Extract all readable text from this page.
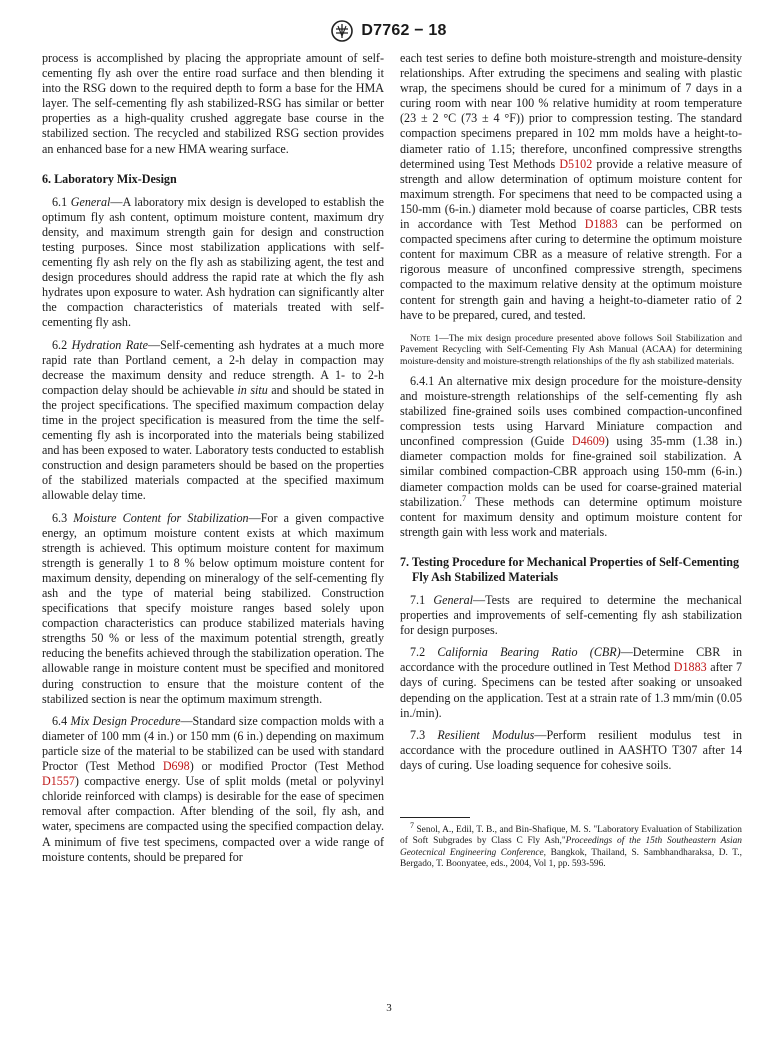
D7762 − 18

process is accomplished by placing the appropriate amount of self-cementing fly ash over the entire road surface and then blending it into the RSG down to the required depth to form a base for the HMA layer. The self-cementing fly ash stabilized-RSG has similar or better properties as a high-quality crushed aggregate base course in the stabilized section. The recycled and stabilized RSG section provides an enhanced base for a new HMA wearing surface.

6. Laboratory Mix-Design

6.1 General—A laboratory mix design is developed to establish the optimum fly ash content, optimum moisture content, maximum dry density, and maximum strength gain for design and construction testing purposes. Since most stabilization applications with self-cementing fly ash rely on the fly ash as stabilizing agent, the test and design procedures should address the rapid rate at which the fly ash hydrates upon exposure to water. Ash hydration can significantly alter the compaction characteristics of materials treated with self-cementing fly ash.

6.2 Hydration Rate—Self-cementing ash hydrates at a much more rapid rate than Portland cement, a 2-h delay in compaction may decrease the maximum density and reduce strength. A 1- to 2-h compaction delay should be achievable in situ and should be stated in the project specifications. The specified maximum compaction delay time in the project specification is measured from the time the self-cementing fly ash is incorporated into the materials being stabilized and has been exposed to water. Laboratory tests conducted to establish construction and design parameters should be based on the properties of the stabilized materials compacted at the specified maximum allowable delay time.

6.3 Moisture Content for Stabilization—For a given compactive energy, an optimum moisture content exists at which maximum strength is achieved. This optimum moisture content for maximum strength is generally 1 to 8 % below optimum moisture content for maximum density, depending on mineralogy of the self-cementing fly ash and the type of material being stabilized. Construction specifications that specify moisture ranges based solely upon compaction characteristics can produce stabilized materials having strengths 50 % or less of the maximum potential strength, greatly reducing the benefits achieved through the stabilization operation. The allowable range in moisture content must be specified and monitored during construction to ensure that the moisture content of the stabilized section is near the optimum maximum strength.

6.4 Mix Design Procedure—Standard size compaction molds with a diameter of 100 mm (4 in.) or 150 mm (6 in.) depending on maximum particle size of the material to be stabilized can be used with standard Proctor (Test Method D698) or modified Proctor (Test Method D1557) compactive energy. Use of split molds (metal or polyvinyl chloride reinforced with clamps) is desirable for the ease of specimen removal after compaction. After blending of the soil, fly ash, and water, specimens are compacted using the specified compaction delay. A minimum of five test specimens, compacted over a wide range of moisture contents, should be prepared for

each test series to define both moisture-strength and moisture-density relationships. After extruding the specimens and sealing with plastic wrap, the specimens should be cured for a minimum of 7 days in a curing room with near 100 % relative humidity at room temperature (23 ± 2 °C (73 ± 4 °F)) prior to compression testing. The standard compaction specimens prepared in 102 mm molds have a height-to-diameter ratio of 1.15; therefore, unconfined compressive strengths determined using Test Methods D5102 provide a relative measure of strength and allow determination of optimum moisture content for maximum strength. For specimens that need to be compacted using a 150-mm (6-in.) diameter mold because of coarse particles, CBR tests in accordance with Test Method D1883 can be performed on compacted specimens after curing to determine the optimum moisture content for maximum CBR as a measure of relative strength. For a rigorous measure of unconfined compressive strength, specimens compacted to the maximum relative density at the optimum moisture content for strength gain and having a height-to-diameter ratio of 2 have to be prepared, cured, and tested.

Note 1—The mix design procedure presented above follows Soil Stabilization and Pavement Recycling with Self-Cementing Fly Ash Manual (ACAA) for determining moisture-density and moisture-strength relationships of the fly ash stabilized materials.

6.4.1 An alternative mix design procedure for the moisture-density and moisture-strength relationships of the self-cementing fly ash stabilized fine-grained soils uses combined compaction-unconfined compression tests using Harvard Miniature compaction and unconfined compression (Guide D4609) using 35-mm (1.38 in.) diameter compaction molds for fine-grained soil stabilization. A similar combined compaction-CBR approach using 150-mm (6-in.) diameter compaction molds can be used for coarse-grained material stabilization.$^7$ These methods can determine optimum moisture content for maximum density and optimum moisture content for strength gain with less work and materials.

7. Testing Procedure for Mechanical Properties of Self-Cementing Fly Ash Stabilized Materials

7.1 General—Tests are required to determine the mechanical properties and improvements of self-cementing fly ash stabilization for design purposes.

7.2 California Bearing Ratio (CBR)—Determine CBR in accordance with the procedure outlined in Test Method D1883 after 7 days of curing. Specimens can be tested after soaking or unsoaked depending on the application. Test at a strain rate of 1.3 mm/min (0.05 in./min).

7.3 Resilient Modulus—Perform resilient modulus test in accordance with the procedure outlined in AASHTO T307 after 14 days of curing. Use loading sequence for cohesive soils.

$^7$ Senol, A., Edil, T. B., and Bin-Shafique, M. S. "Laboratory Evaluation of Stabilization of Soft Subgrades by Class C Fly Ash,"Proceedings of the 15th Southeastern Asian Geotecnical Engineering Conference, Bangkok, Thailand, S. Sambhandharaksa, D. T., Bergado, T. Boonyatee, eds., 2004, Vol 1, pp. 593-596.

3
